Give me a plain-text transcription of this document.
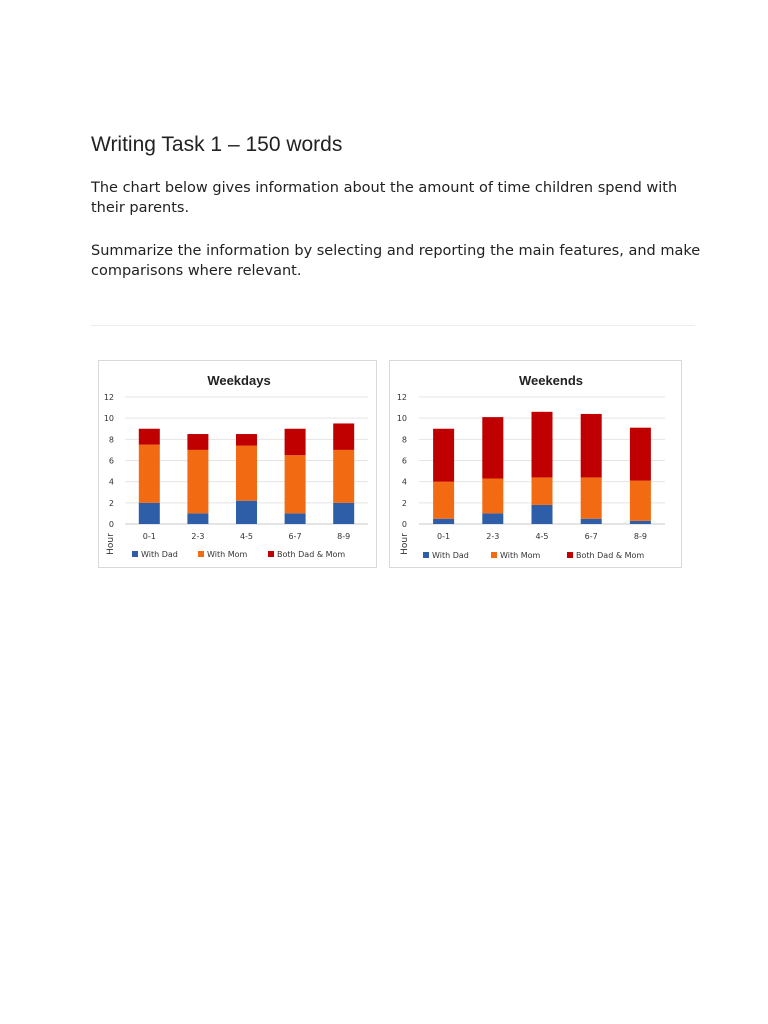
Writing Task 1 – 150 words

The chart below gives information about the amount of time children spend with their parents.

Summarize the information by selecting and reporting the main features, and make comparisons where relevant.

Weekdays
0
2
4
6
8
10
12
0-1	2-3	4-5	6-7	8-9
Hour	With Dad	With Mom	Both Dad & Mom
Weekends
0
2
4
6
8
10
12
0-1	2-3	4-5	6-7	8-9
Hour
With Dad	With Mom	Both Dad & Mom
